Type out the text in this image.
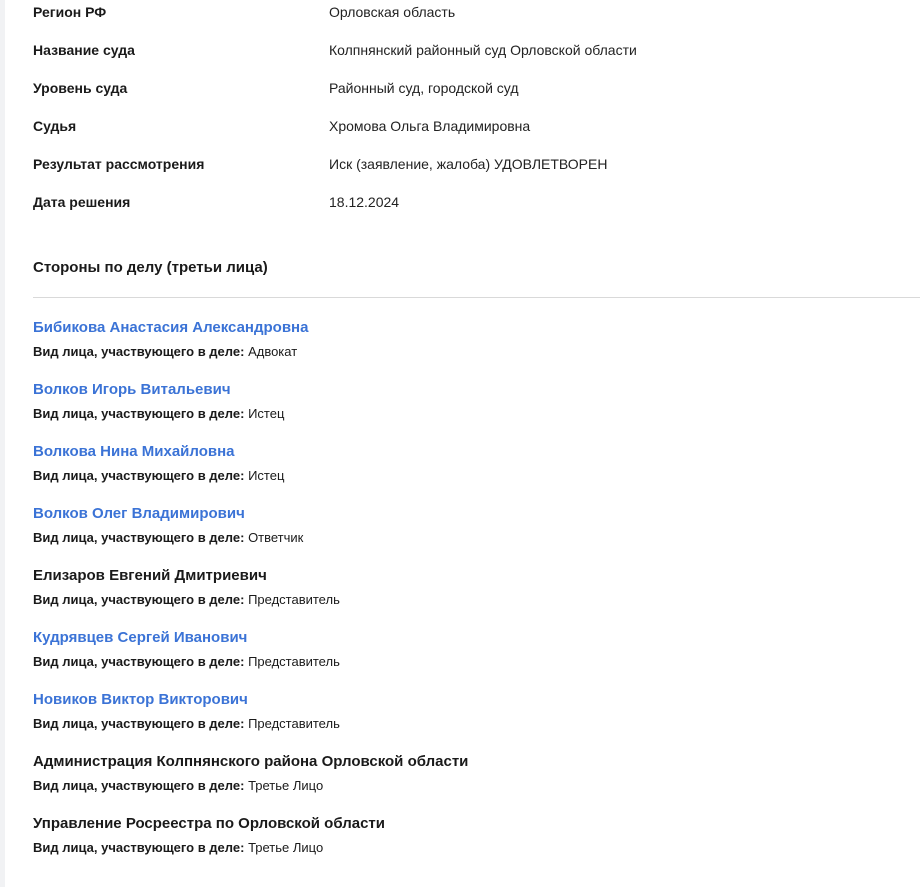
Регион РФ	Орловская область
Название суда	Колпнянский районный суд Орловской области
Уровень суда	Районный суд, городской суд
Судья	Хромова Ольга Владимировна
Результат рассмотрения	Иск (заявление, жалоба) УДОВЛЕТВОРЕН
Дата решения	18.12.2024
Стороны по делу (третьи лица)
Бибикова Анастасия Александровна
Вид лица, участвующего в деле: Адвокат
Волков Игорь Витальевич
Вид лица, участвующего в деле: Истец
Волкова Нина Михайловна
Вид лица, участвующего в деле: Истец
Волков Олег Владимирович
Вид лица, участвующего в деле: Ответчик
Елизаров Евгений Дмитриевич
Вид лица, участвующего в деле: Представитель
Кудрявцев Сергей Иванович
Вид лица, участвующего в деле: Представитель
Новиков Виктор Викторович
Вид лица, участвующего в деле: Представитель
Администрация Колпнянского района Орловской области
Вид лица, участвующего в деле: Третье Лицо
Управление Росреестра по Орловской области
Вид лица, участвующего в деле: Третье Лицо
